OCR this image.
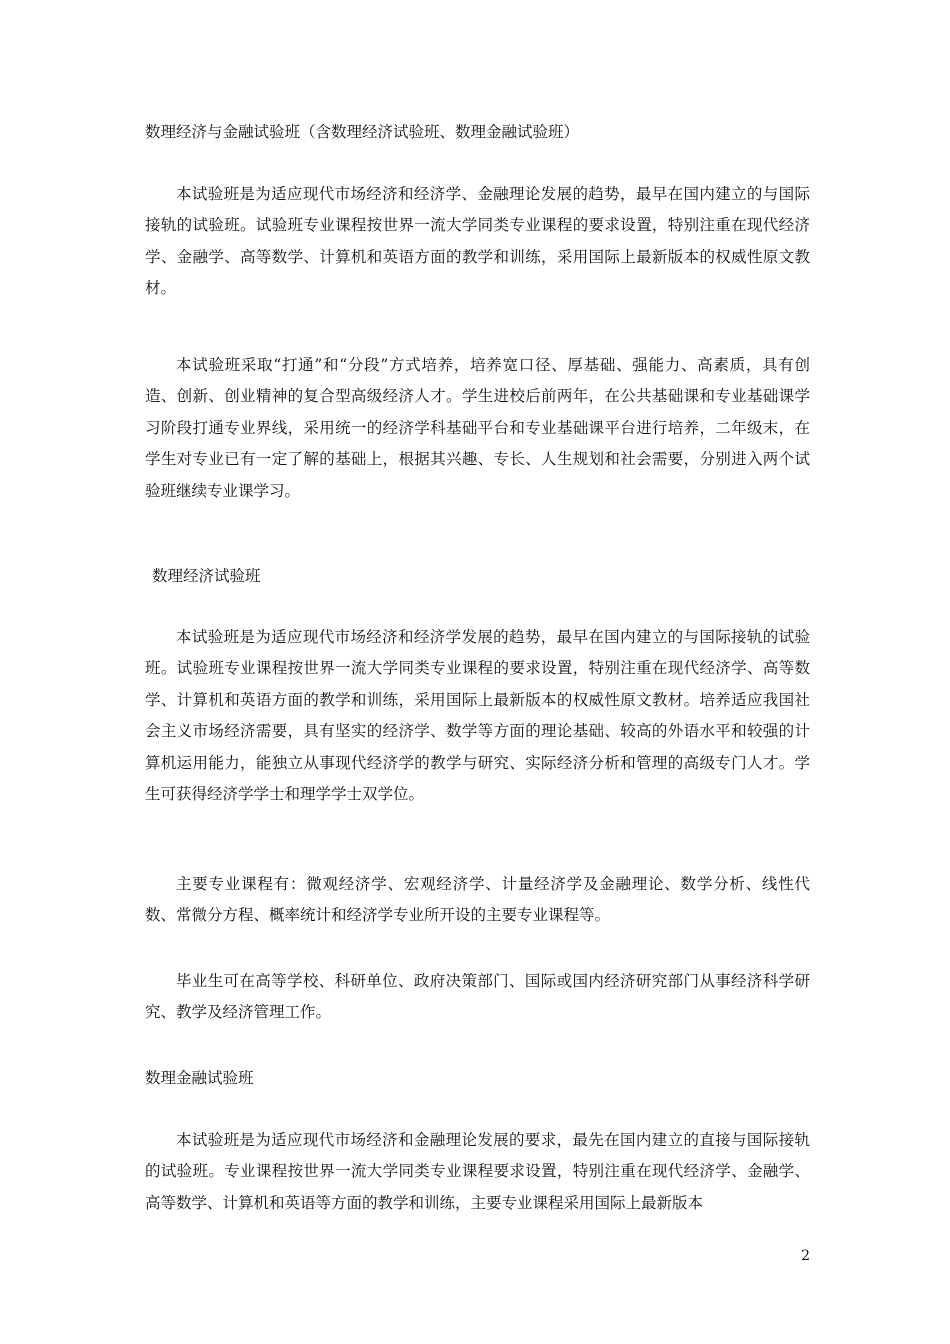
数理经济与金融试验班（含数理经济试验班、数理金融试验班）

本试验班是为适应现代市场经济和经济学、金融理论发展的趋势，最早在国内建立的与国际接轨的试验班。试验班专业课程按世界一流大学同类专业课程的要求设置，特别注重在现代经济学、金融学、高等数学、计算机和英语方面的教学和训练，采用国际上最新版本的权威性原文教材。

本试验班采取“打通”和“分段”方式培养，培养宽口径、厚基础、强能力、高素质，具有创造、创新、创业精神的复合型高级经济人才。学生进校后前两年，在公共基础课和专业基础课学习阶段打通专业界线，采用统一的经济学科基础平台和专业基础课平台进行培养，二年级末，在学生对专业已有一定了解的基础上，根据其兴趣、专长、人生规划和社会需要，分别进入两个试验班继续专业课学习。

数理经济试验班

本试验班是为适应现代市场经济和经济学发展的趋势，最早在国内建立的与国际接轨的试验班。试验班专业课程按世界一流大学同类专业课程的要求设置，特别注重在现代经济学、高等数学、计算机和英语方面的教学和训练，采用国际上最新版本的权威性原文教材。培养适应我国社会主义市场经济需要，具有坚实的经济学、数学等方面的理论基础、较高的外语水平和较强的计算机运用能力，能独立从事现代经济学的教学与研究、实际经济分析和管理的高级专门人才。学生可获得经济学学士和理学学士双学位。

主要专业课程有：微观经济学、宏观经济学、计量经济学及金融理论、数学分析、线性代数、常微分方程、概率统计和经济学专业所开设的主要专业课程等。

毕业生可在高等学校、科研单位、政府决策部门、国际或国内经济研究部门从事经济科学研究、教学及经济管理工作。

数理金融试验班

本试验班是为适应现代市场经济和金融理论发展的要求，最先在国内建立的直接与国际接轨的试验班。专业课程按世界一流大学同类专业课程要求设置，特别注重在现代经济学、金融学、高等数学、计算机和英语等方面的教学和训练，主要专业课程采用国际上最新版本

2
